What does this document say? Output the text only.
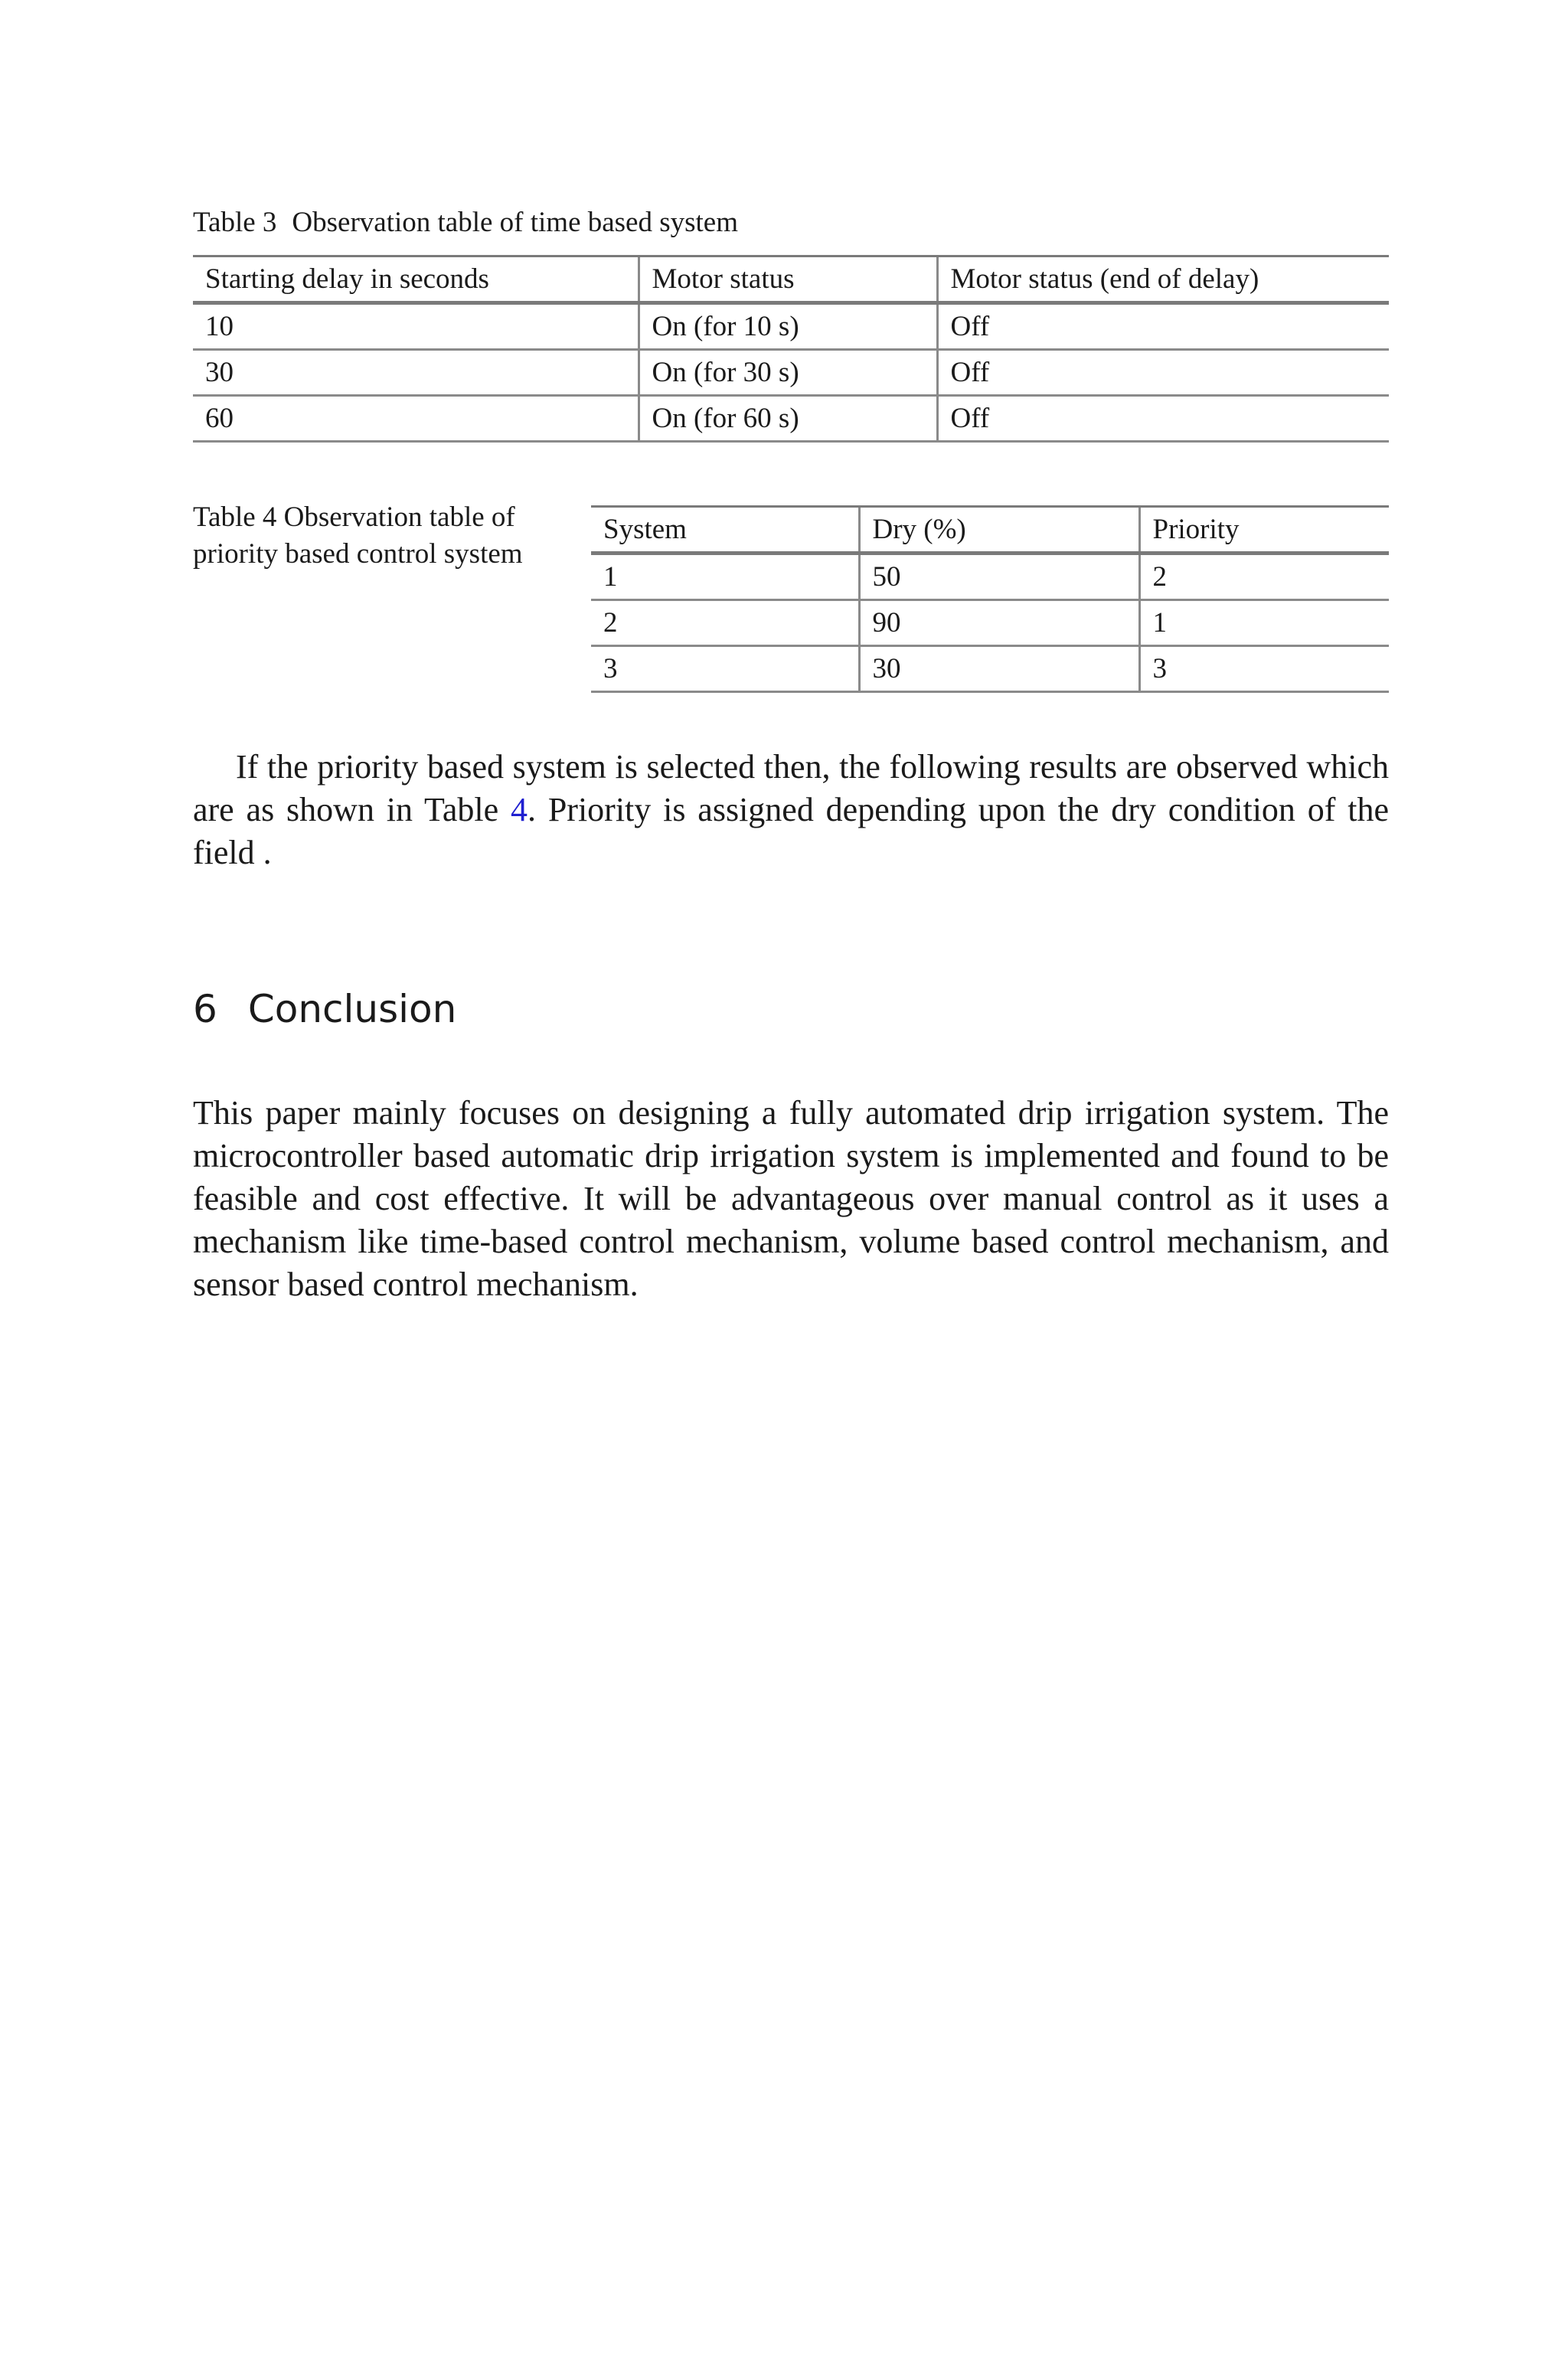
Table 3 Observation table of time based system
Starting delay in seconds	Motor status	Motor status (end of delay)
10	On (for 10 s)	Off
30	On (for 30 s)	Off
60	On (for 60 s)	Off
Table 4 Observation table of priority based control system
System	Dry (%)	Priority
1	50	2
2	90	1
3	30	3

If the priority based system is selected then, the following results are observed which are as shown in Table 4. Priority is assigned depending upon the dry condition of the field .

6 Conclusion

This paper mainly focuses on designing a fully automated drip irrigation system. The microcontroller based automatic drip irrigation system is implemented and found to be feasible and cost effective. It will be advantageous over manual control as it uses a mechanism like time-based control mechanism, volume based control mechanism, and sensor based control mechanism.
